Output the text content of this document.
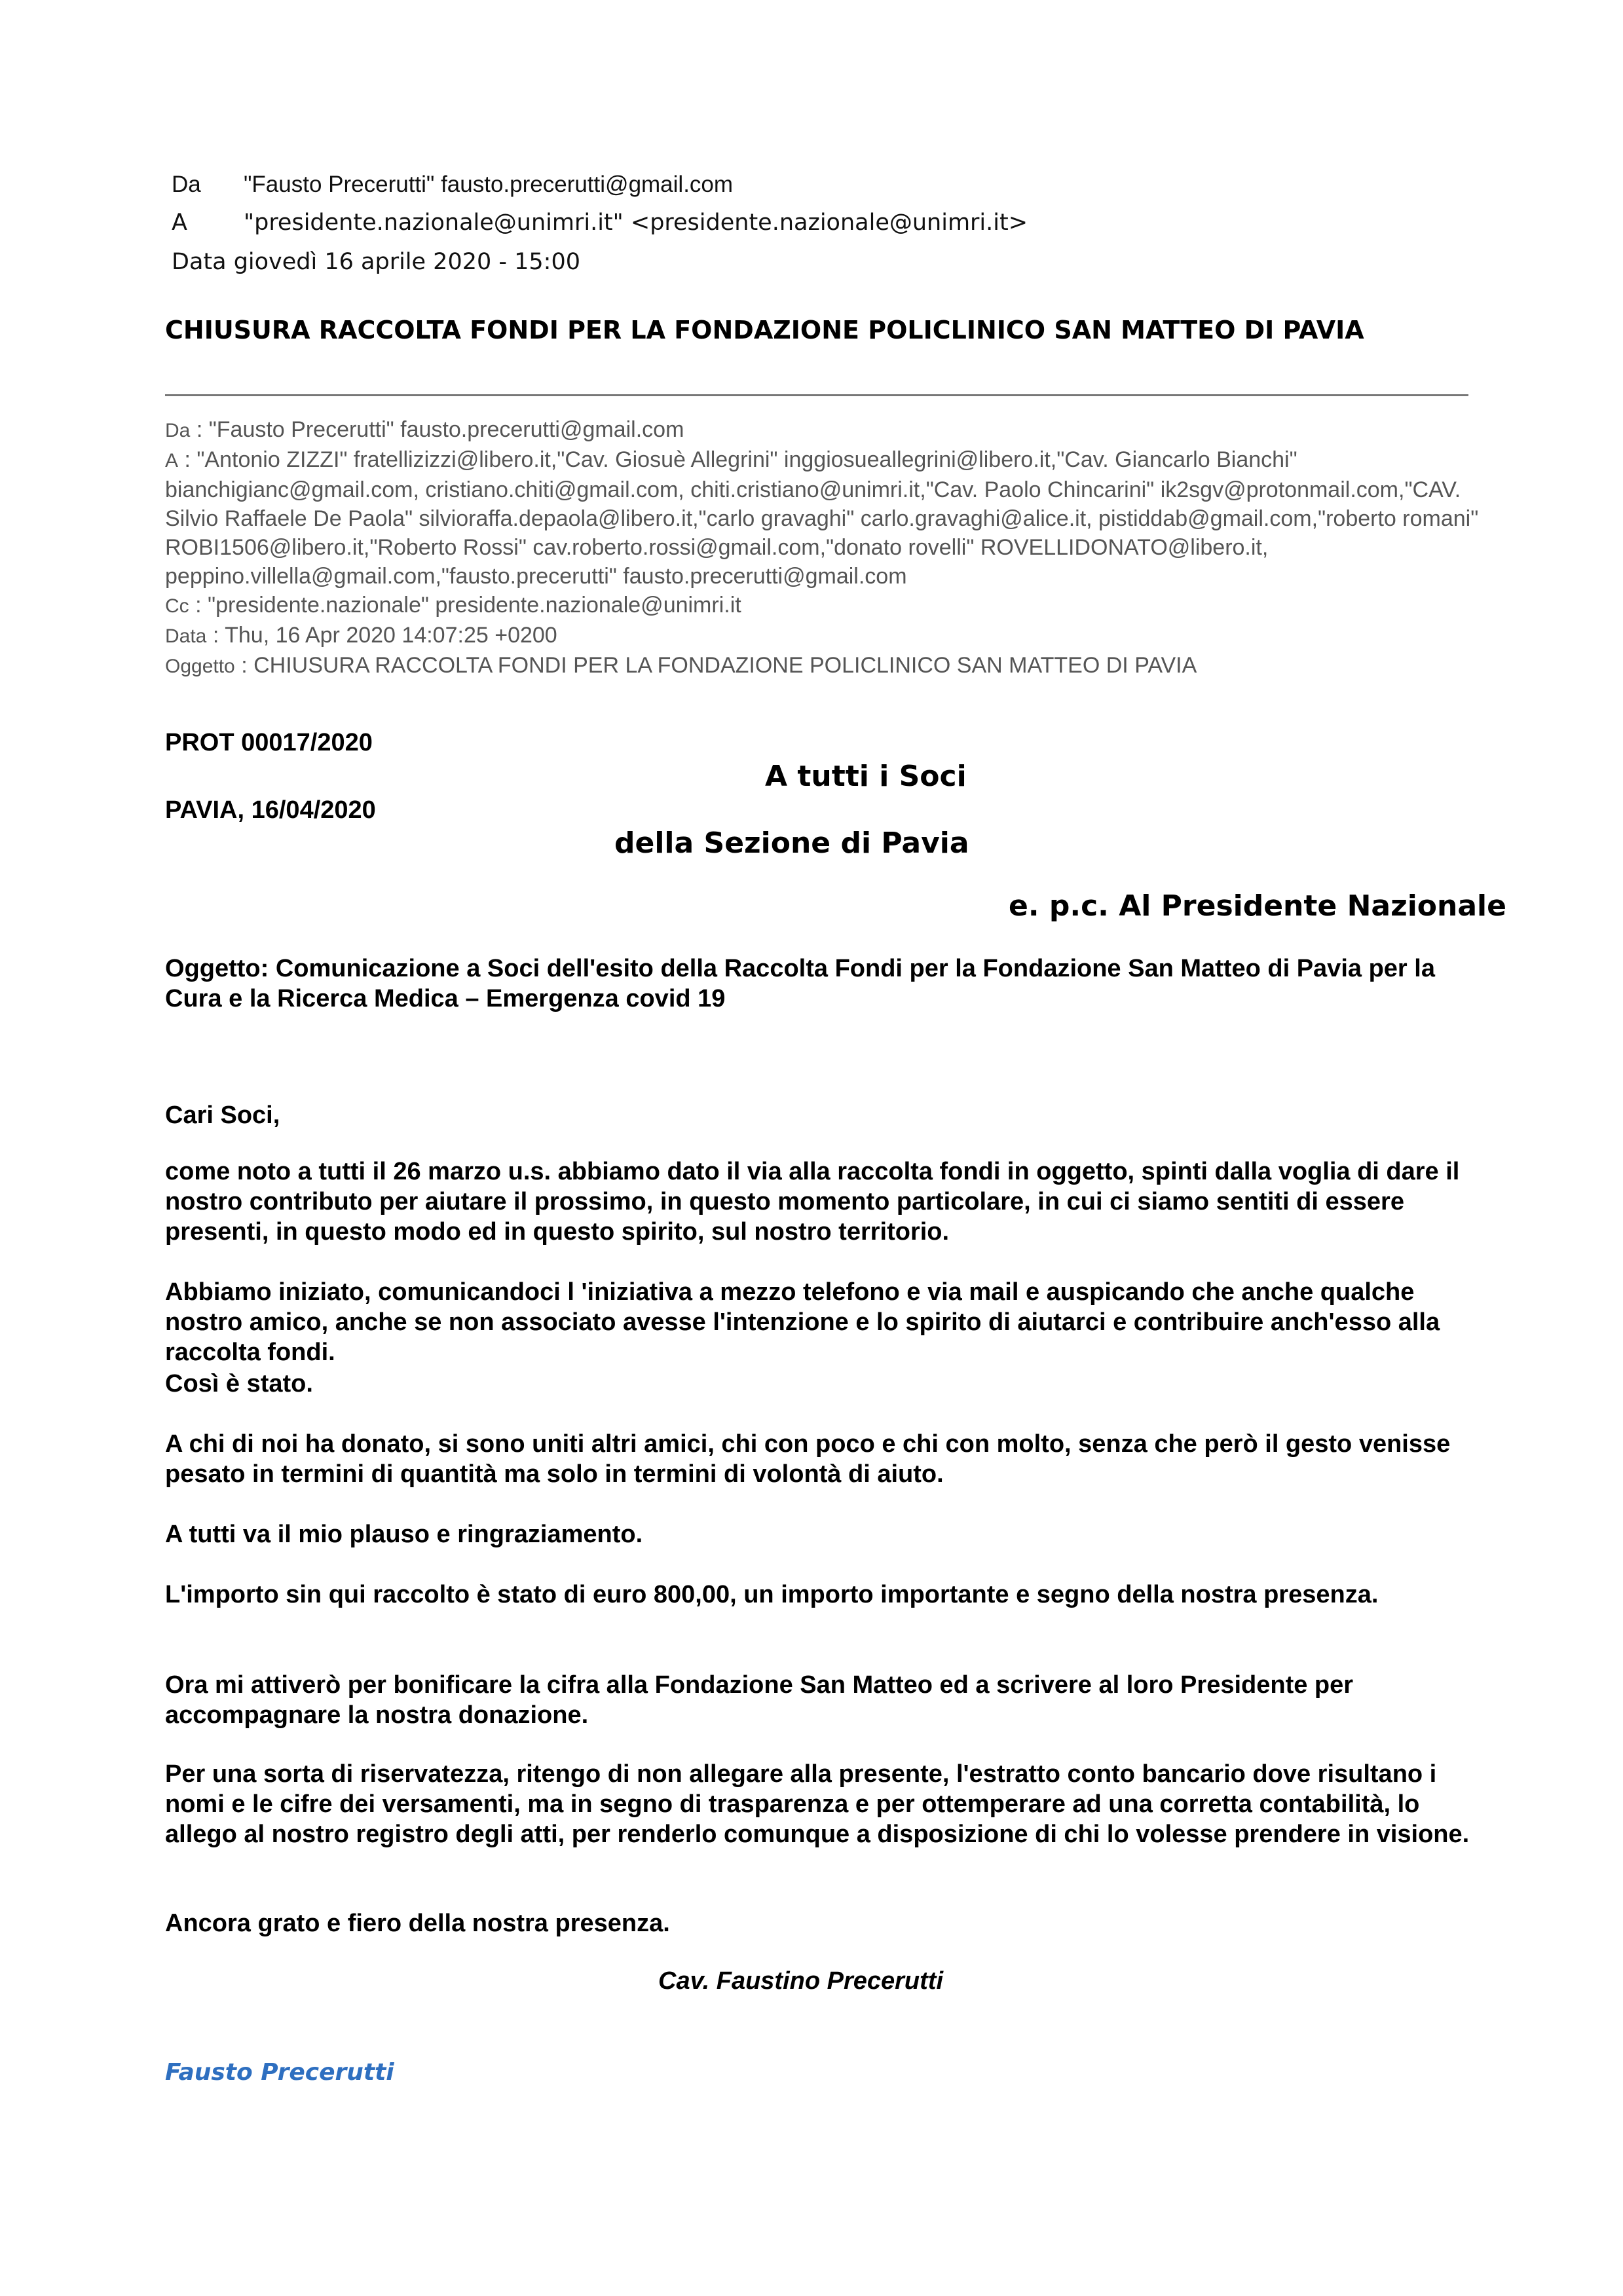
Da "Fausto Precerutti" fausto.precerutti@gmail.com
A "presidente.nazionale@unimri.it" <presidente.nazionale@unimri.it>
Data giovedì 16 aprile 2020 - 15:00
CHIUSURA RACCOLTA FONDI PER LA FONDAZIONE POLICLINICO SAN MATTEO DI PAVIA
Da : "Fausto Precerutti" fausto.precerutti@gmail.com
A : "Antonio ZIZZI" fratellizizzi@libero.it,"Cav. Giosuè Allegrini" inggiosueallegrini@libero.it,"Cav. Giancarlo Bianchi" bianchigianc@gmail.com, cristiano.chiti@gmail.com, chiti.cristiano@unimri.it,"Cav. Paolo Chincarini" ik2sgv@protonmail.com,"CAV. Silvio Raffaele De Paola" silvioraffa.depaola@libero.it,"carlo gravaghi" carlo.gravaghi@alice.it, pistiddab@gmail.com,"roberto romani" ROBI1506@libero.it,"Roberto Rossi" cav.roberto.rossi@gmail.com,"donato rovelli" ROVELLIDONATO@libero.it, peppino.villella@gmail.com,"fausto.precerutti" fausto.precerutti@gmail.com
Cc : "presidente.nazionale" presidente.nazionale@unimri.it
Data : Thu, 16 Apr 2020 14:07:25 +0200
Oggetto : CHIUSURA RACCOLTA FONDI PER LA FONDAZIONE POLICLINICO SAN MATTEO DI PAVIA
PROT 00017/2020
A tutti i Soci
PAVIA, 16/04/2020
della Sezione di Pavia
e. p.c. Al Presidente Nazionale

Oggetto: Comunicazione a Soci dell'esito della Raccolta Fondi per la Fondazione San Matteo di Pavia per la Cura e la Ricerca Medica – Emergenza covid 19

Cari Soci,

come noto a tutti il 26 marzo u.s. abbiamo dato il via alla raccolta fondi in oggetto, spinti dalla voglia di dare il nostro contributo per aiutare il prossimo, in questo momento particolare, in cui ci siamo sentiti di essere presenti, in questo modo ed in questo spirito, sul nostro territorio.

Abbiamo iniziato, comunicandoci l 'iniziativa a mezzo telefono e via mail e auspicando che anche qualche nostro amico, anche se non associato avesse l'intenzione e lo spirito di aiutarci e contribuire anch'esso alla raccolta fondi.

Così è stato.

A chi di noi ha donato, si sono uniti altri amici, chi con poco e chi con molto, senza che però il gesto venisse pesato in termini di quantità ma solo in termini di volontà di aiuto.

A tutti va il mio plauso e ringraziamento.

L'importo sin qui raccolto è stato di euro 800,00, un importo importante e segno della nostra presenza.

Ora mi attiverò per bonificare la cifra alla Fondazione San Matteo ed a scrivere al loro Presidente per accompagnare la nostra donazione.

Per una sorta di riservatezza, ritengo di non allegare alla presente, l'estratto conto bancario dove risultano i nomi e le cifre dei versamenti, ma in segno di trasparenza e per ottemperare ad una corretta contabilità, lo allego al nostro registro degli atti, per renderlo comunque a disposizione di chi lo volesse prendere in visione.

Ancora grato e fiero della nostra presenza.

Cav. Faustino Precerutti
Fausto Precerutti
